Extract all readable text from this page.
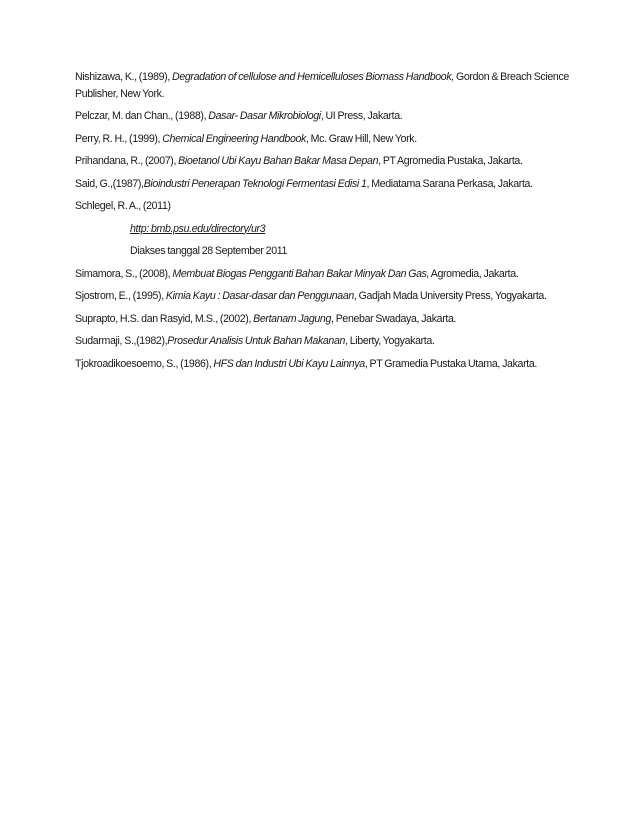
Nishizawa, K., (1989), Degradation of cellulose and Hemicelluloses Biomass Handbook, Gordon & Breach Science Publisher, New York.

Pelczar, M. dan Chan., (1988), Dasar- Dasar Mikrobiologi, UI Press, Jakarta.

Perry, R. H., (1999), Chemical Engineering Handbook, Mc. Graw Hill, New York.

Prihandana, R., (2007), Bioetanol Ubi Kayu Bahan Bakar Masa Depan, PT Agromedia Pustaka, Jakarta.

Said, G.,(1987),Bioindustri Penerapan Teknologi Fermentasi Edisi 1, Mediatama Sarana Perkasa, Jakarta.

Schlegel, R. A., (2011)

http: bmb.psu.edu/directory/ur3

Diakses tanggal 28 September 2011

Simamora, S., (2008), Membuat Biogas Pengganti Bahan Bakar Minyak Dan Gas, Agromedia, Jakarta.

Sjostrom, E., (1995), Kimia Kayu : Dasar-dasar dan Penggunaan, Gadjah Mada University Press, Yogyakarta.

Suprapto, H.S. dan Rasyid, M.S., (2002), Bertanam Jagung, Penebar Swadaya, Jakarta.

Sudarmaji, S.,(1982),Prosedur Analisis Untuk Bahan Makanan, Liberty, Yogyakarta.

Tjokroadikoesoemo, S., (1986), HFS dan Industri Ubi Kayu Lainnya, PT Gramedia Pustaka Utama, Jakarta.
